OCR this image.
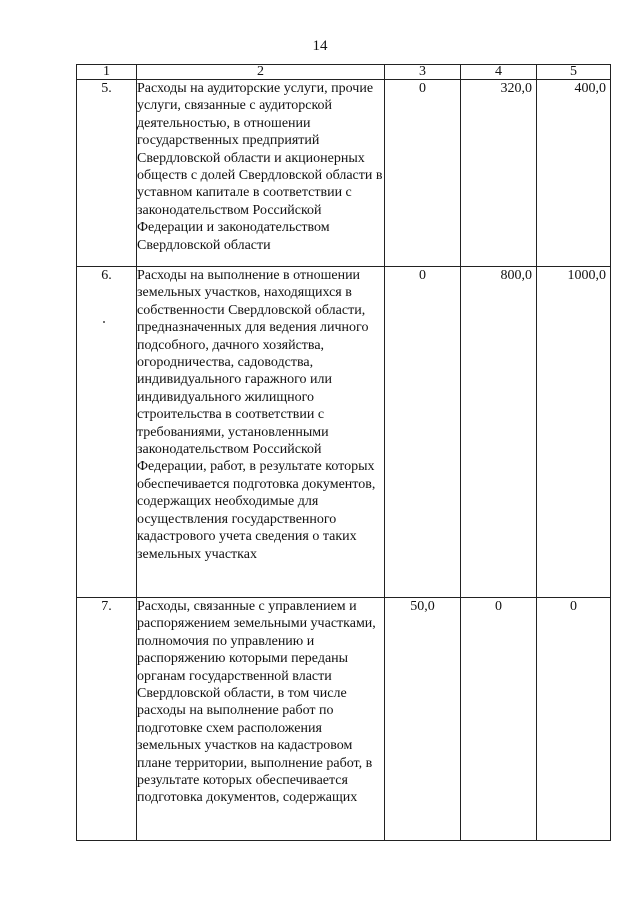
14
1	2	3	4	5
5.	Расходы на аудиторские услуги, прочие услуги, связанные с аудиторской деятельностью, в отношении государственных предприятий Свердловской области и акционерных обществ с долей Свердловской области в уставном капитале в соответствии с законодательством Российской Федерации и законодательством Свердловской области	0	320,0	400,0
6.	Расходы на выполнение в отношении земельных участков, находящихся в собственности Свердловской области, предназначенных для ведения личного подсобного, дачного хозяйства, огородничества, садоводства, индивидуального гаражного или индивидуального жилищного строительства в соответствии с требованиями, установленными законодательством Российской Федерации, работ, в результате которых обеспечивается подготовка документов, содержащих необходимые для осуществления государственного кадастрового учета сведения о таких земельных участках	0	800,0	1000,0
7.	Расходы, связанные с управлением и распоряжением земельными участками, полномочия по управлению и распоряжению которыми переданы органам государственной власти Свердловской области, в том числе расходы на выполнение работ по подготовке схем расположения земельных участков на кадастровом плане территории, выполнение работ, в результате которых обеспечивается подготовка документов, содержащих	50,0	0	0
